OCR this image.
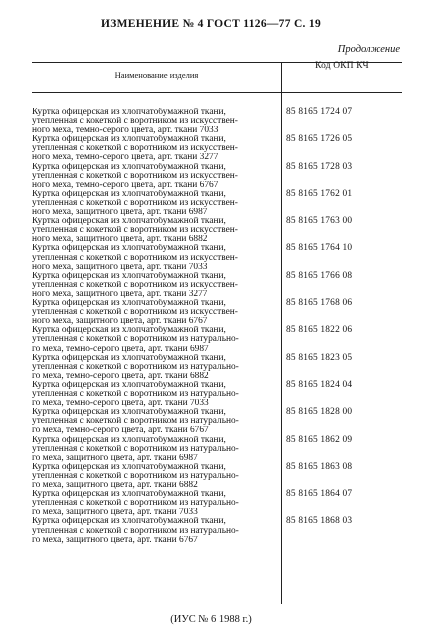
ИЗМЕНЕНИЕ № 4 ГОСТ 1126—77 С. 19
Продолжение
Наименование изделия
Код ОКП КЧ
Куртка офицерская из хлопчатобумажной ткани,
утепленная с кокеткой с воротником из искусствен-
ного меха, темно-серого цвета, арт. ткани 7033
85 8165 1724 07
Куртка офицерская из хлопчатобумажной ткани,
утепленная с кокеткой с воротником из искусствен-
ного меха, темно-серого цвета, арт. ткани 3277
85 8165 1726 05
Куртка офицерская из хлопчатобумажной ткани,
утепленная с кокеткой с воротником из искусствен-
ного меха, темно-серого цвета, арт. ткани 6767
85 8165 1728 03
Куртка офицерская из хлопчатобумажной ткани,
утепленная с кокеткой с воротником из искусствен-
ного меха, защитного цвета, арт. ткани 6987
85 8165 1762 01
Куртка офицерская из хлопчатобумажной ткани,
утепленная с кокеткой с воротником из искусствен-
ного меха, защитного цвета, арт. ткани 6882
85 8165 1763 00
Куртка офицерская из хлопчатобумажной ткани,
утепленная с кокеткой с воротником из искусствен-
ного меха, защитного цвета, арт. ткани 7033
85 8165 1764 10
Куртка офицерская из хлопчатобумажной ткани,
утепленная с кокеткой с воротником из искусствен-
ного меха, защитного цвета, арт. ткани 3277
85 8165 1766 08
Куртка офицерская из хлопчатобумажной ткани,
утепленная с кокеткой с воротником из искусствен-
ного меха, защитного цвета, арт. ткани 6767
85 8165 1768 06
Куртка офицерская из хлопчатобумажной ткани,
утепленная с кокеткой с воротником из натурально-
го меха, темно-серого цвета, арт. ткани 6987
85 8165 1822 06
Куртка офицерская из хлопчатобумажной ткани,
утепленная с кокеткой с воротником из натурально-
го меха, темно-серого цвета, арт. ткани 6882
85 8165 1823 05
Куртка офицерская из хлопчатобумажной ткани,
утепленная с кокеткой с воротником из натурально-
го меха, темно-серого цвета, арт. ткани 7033
85 8165 1824 04
Куртка офицерская из хлопчатобумажной ткани,
утепленная с кокеткой с воротником из натурально-
го меха, темно-серого цвета, арт. ткани 6767
85 8165 1828 00
Куртка офицерская из хлопчатобумажной ткани,
утепленная с кокеткой с воротником из натурально-
го меха, защитного цвета, арт. ткани 6987
85 8165 1862 09
Куртка офицерская из хлопчатобумажной ткани,
утепленная с кокеткой с воротником из натурально-
го меха, защитного цвета, арт. ткани 6882
85 8165 1863 08
Куртка офицерская из хлопчатобумажной ткани,
утепленная с кокеткой с воротником из натурально-
го меха, защитного цвета, арт. ткани 7033
85 8165 1864 07
Куртка офицерская из хлопчатобумажной ткани,
утепленная с кокеткой с воротником из натурально-
го меха, защитного цвета, арт. ткани 6767
85 8165 1868 03
(ИУС № 6 1988 г.)
